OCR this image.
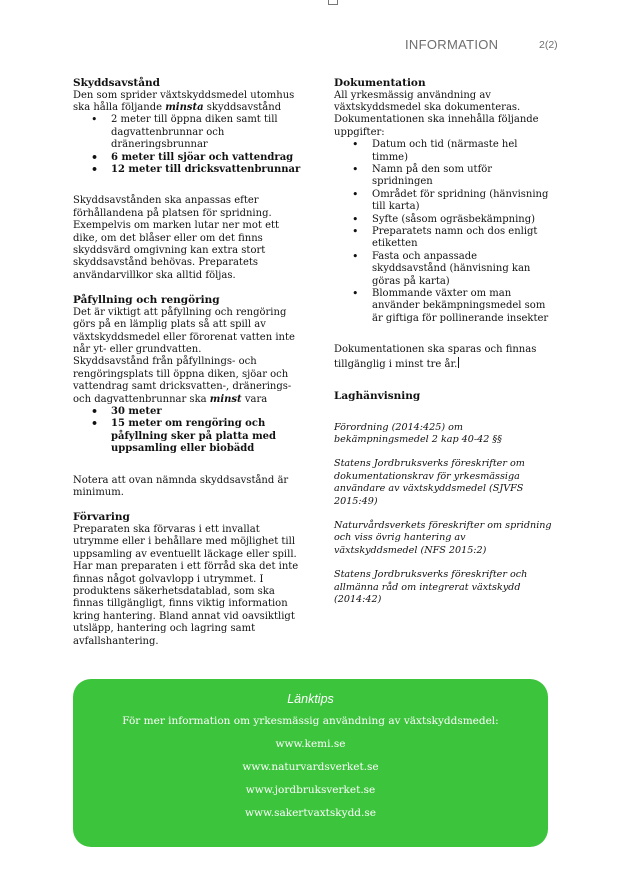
INFORMATION	2(2)
Skyddsavstånd

Den som sprider växtskyddsmedel utomhus ska hålla följande minsta skyddsavstånd

• 2 meter till öppna diken samt till dagvattenbrunnar och dräneringsbrunnar
• 6 meter till sjöar och vattendrag
• 12 meter till dricksvattenbrunnar

Skyddsavstånden ska anpassas efter förhållandena på platsen för spridning. Exempelvis om marken lutar ner mot ett dike, om det blåser eller om det finns skyddsvärd omgivning kan extra stort skyddsavstånd behövas. Preparatets användarvillkor ska alltid följas.

Påfyllning och rengöring

Det är viktigt att påfyllning och rengöring görs på en lämplig plats så att spill av växtskyddsmedel eller förorenat vatten inte når yt- eller grundvatten.

Skyddsavstånd från påfyllnings- och rengöringsplats till öppna diken, sjöar och vattendrag samt dricksvatten-, dränerings- och dagvattenbrunnar ska minst vara

• 30 meter
• 15 meter om rengöring och påfyllning sker på platta med uppsamling eller biobädd

Notera att ovan nämnda skyddsavstånd är minimum.

Förvaring

Preparaten ska förvaras i ett invallat utrymme eller i behållare med möjlighet till uppsamling av eventuellt läckage eller spill. Har man preparaten i ett förråd ska det inte finnas något golvavlopp i utrymmet. I produktens säkerhetsdatablad, som ska finnas tillgängligt, finns viktig information kring hantering. Bland annat vid oavsiktligt utsläpp, hantering och lagring samt avfallshantering.

Dokumentation

All yrkesmässig användning av växtskyddsmedel ska dokumenteras.

Dokumentationen ska innehålla följande uppgifter:

• Datum och tid (närmaste hel timme)
• Namn på den som utför spridningen
• Området för spridning (hänvisning till karta)
• Syfte (såsom ogräsbekämpning)
• Preparatets namn och dos enligt etiketten
• Fasta och anpassade skyddsavstånd (hänvisning kan göras på karta)
• Blommande växter om man använder bekämpningsmedel som är giftiga för pollinerande insekter

Dokumentationen ska sparas och finnas tillgänglig i minst tre år.

Laghänvisning

Förordning (2014:425) om bekämpningsmedel 2 kap 40-42 §§

Statens Jordbruksverks föreskrifter om dokumentationskrav för yrkesmässiga användare av växtskyddsmedel (SJVFS 2015:49)

Naturvårdsverkets föreskrifter om spridning och viss övrig hantering av växtskyddsmedel (NFS 2015:2)

Statens Jordbruksverks föreskrifter och allmänna råd om integrerat växtskydd (2014:42)

Länktips
För mer information om yrkesmässig användning av växtskyddsmedel:
www.kemi.se
www.naturvardsverket.se
www.jordbruksverket.se
www.sakertvaxtskydd.se
